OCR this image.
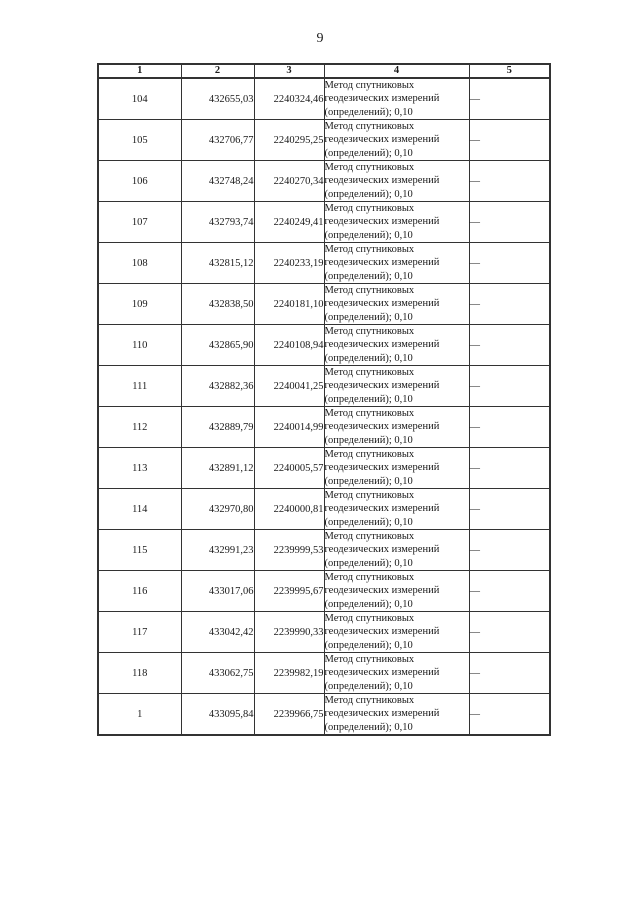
9
1	2	3	4	5
104	432655,03	2240324,46	Метод спутниковых
геодезических измерений
(определений); 0,10	—
105	432706,77	2240295,25	Метод спутниковых
геодезических измерений
(определений); 0,10	—
106	432748,24	2240270,34	Метод спутниковых
геодезических измерений
(определений); 0,10	—
107	432793,74	2240249,41	Метод спутниковых
геодезических измерений
(определений); 0,10	—
108	432815,12	2240233,19	Метод спутниковых
геодезических измерений
(определений); 0,10	—
109	432838,50	2240181,10	Метод спутниковых
геодезических измерений
(определений); 0,10	—
110	432865,90	2240108,94	Метод спутниковых
геодезических измерений
(определений); 0,10	—
111	432882,36	2240041,25	Метод спутниковых
геодезических измерений
(определений); 0,10	—
112	432889,79	2240014,99	Метод спутниковых
геодезических измерений
(определений); 0,10	—
113	432891,12	2240005,57	Метод спутниковых
геодезических измерений
(определений); 0,10	—
114	432970,80	2240000,81	Метод спутниковых
геодезических измерений
(определений); 0,10	—
115	432991,23	2239999,53	Метод спутниковых
геодезических измерений
(определений); 0,10	—
116	433017,06	2239995,67	Метод спутниковых
геодезических измерений
(определений); 0,10	—
117	433042,42	2239990,33	Метод спутниковых
геодезических измерений
(определений); 0,10	—
118	433062,75	2239982,19	Метод спутниковых
геодезических измерений
(определений); 0,10	—
1	433095,84	2239966,75	Метод спутниковых
геодезических измерений
(определений); 0,10	—
